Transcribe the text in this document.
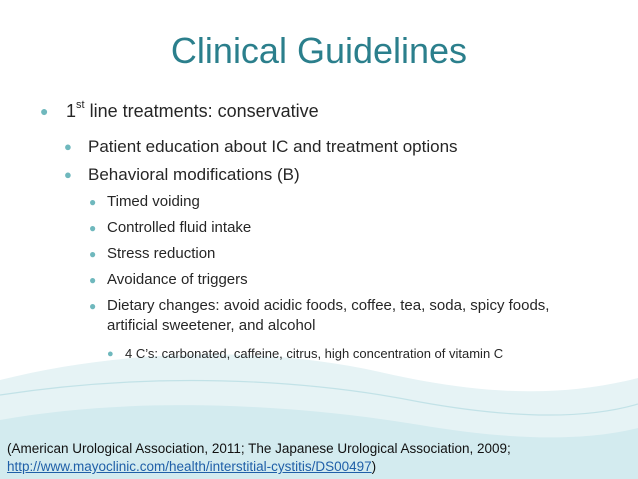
Clinical Guidelines
● 1st line treatments: conservative
● Patient education about IC and treatment options
● Behavioral modifications (B)
● Timed voiding
● Controlled fluid intake
● Stress reduction
● Avoidance of triggers
● Dietary changes: avoid acidic foods, coffee, tea, soda, spicy foods, artificial sweetener, and alcohol
● 4 C’s: carbonated, caffeine, citrus, high concentration of vitamin C
(American Urological Association, 2011; The Japanese Urological Association, 2009;
http://www.mayoclinic.com/health/interstitial-cystitis/DS00497)
